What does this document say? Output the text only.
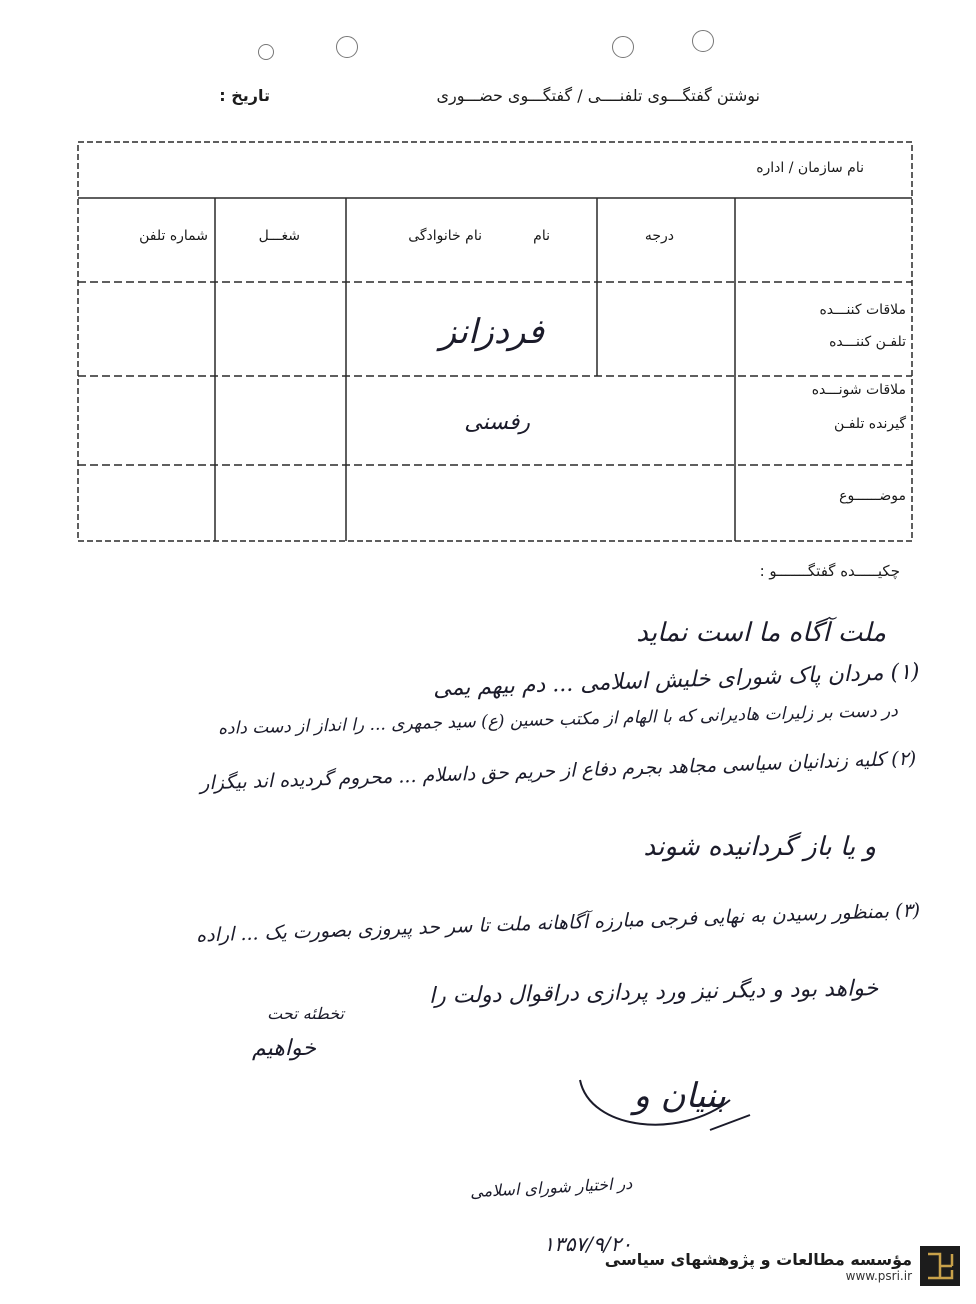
نوشتن گفتگـــوی تلفنــــی / گفتگـــوی حضـــوری
تاریخ :
نام سازمان / اداره
درجه
نام
نام خانوادگی
شغـــل
شماره تلفن
ملاقات کننـــده
تلفـن کننـــده
ملاقات شونـــده
گیرنده تلفـن
موضــــــوع
فردزانز
رفسنی
چکیـــــده گفتگـــــــو :
ملت آگاه ما است نماید
(۱) مردان پاک شورای خلیش اسلامی ... دم بیهم یمی
در دست بر زلیرات هادیرانی که با الهام از مکتب حسین (ع) سید جمهری ... را انداز از دست داده
(۲) کلیه زندانیان سیاسی مجاهد بجرم دفاع از حریم حق داسلام ... محروم گردیده اند بیگزار
و یا باز گردانیده شوند
(۳) بمنظور رسیدن به نهایی فرجی مبارزه آگاهانه ملت تا سر حد پیروزی بصورت یک ... اراده
خواهد بود و دیگر نیز ورد پردازی دراقوال دولت را
تخطئه تحت
خواهیم
بنیان و
در اختیار شورای اسلامی
۱۳۵۷/۹/۲۰
مؤسسه مطالعات و پژوهشهای سیاسی
www.psri.ir
